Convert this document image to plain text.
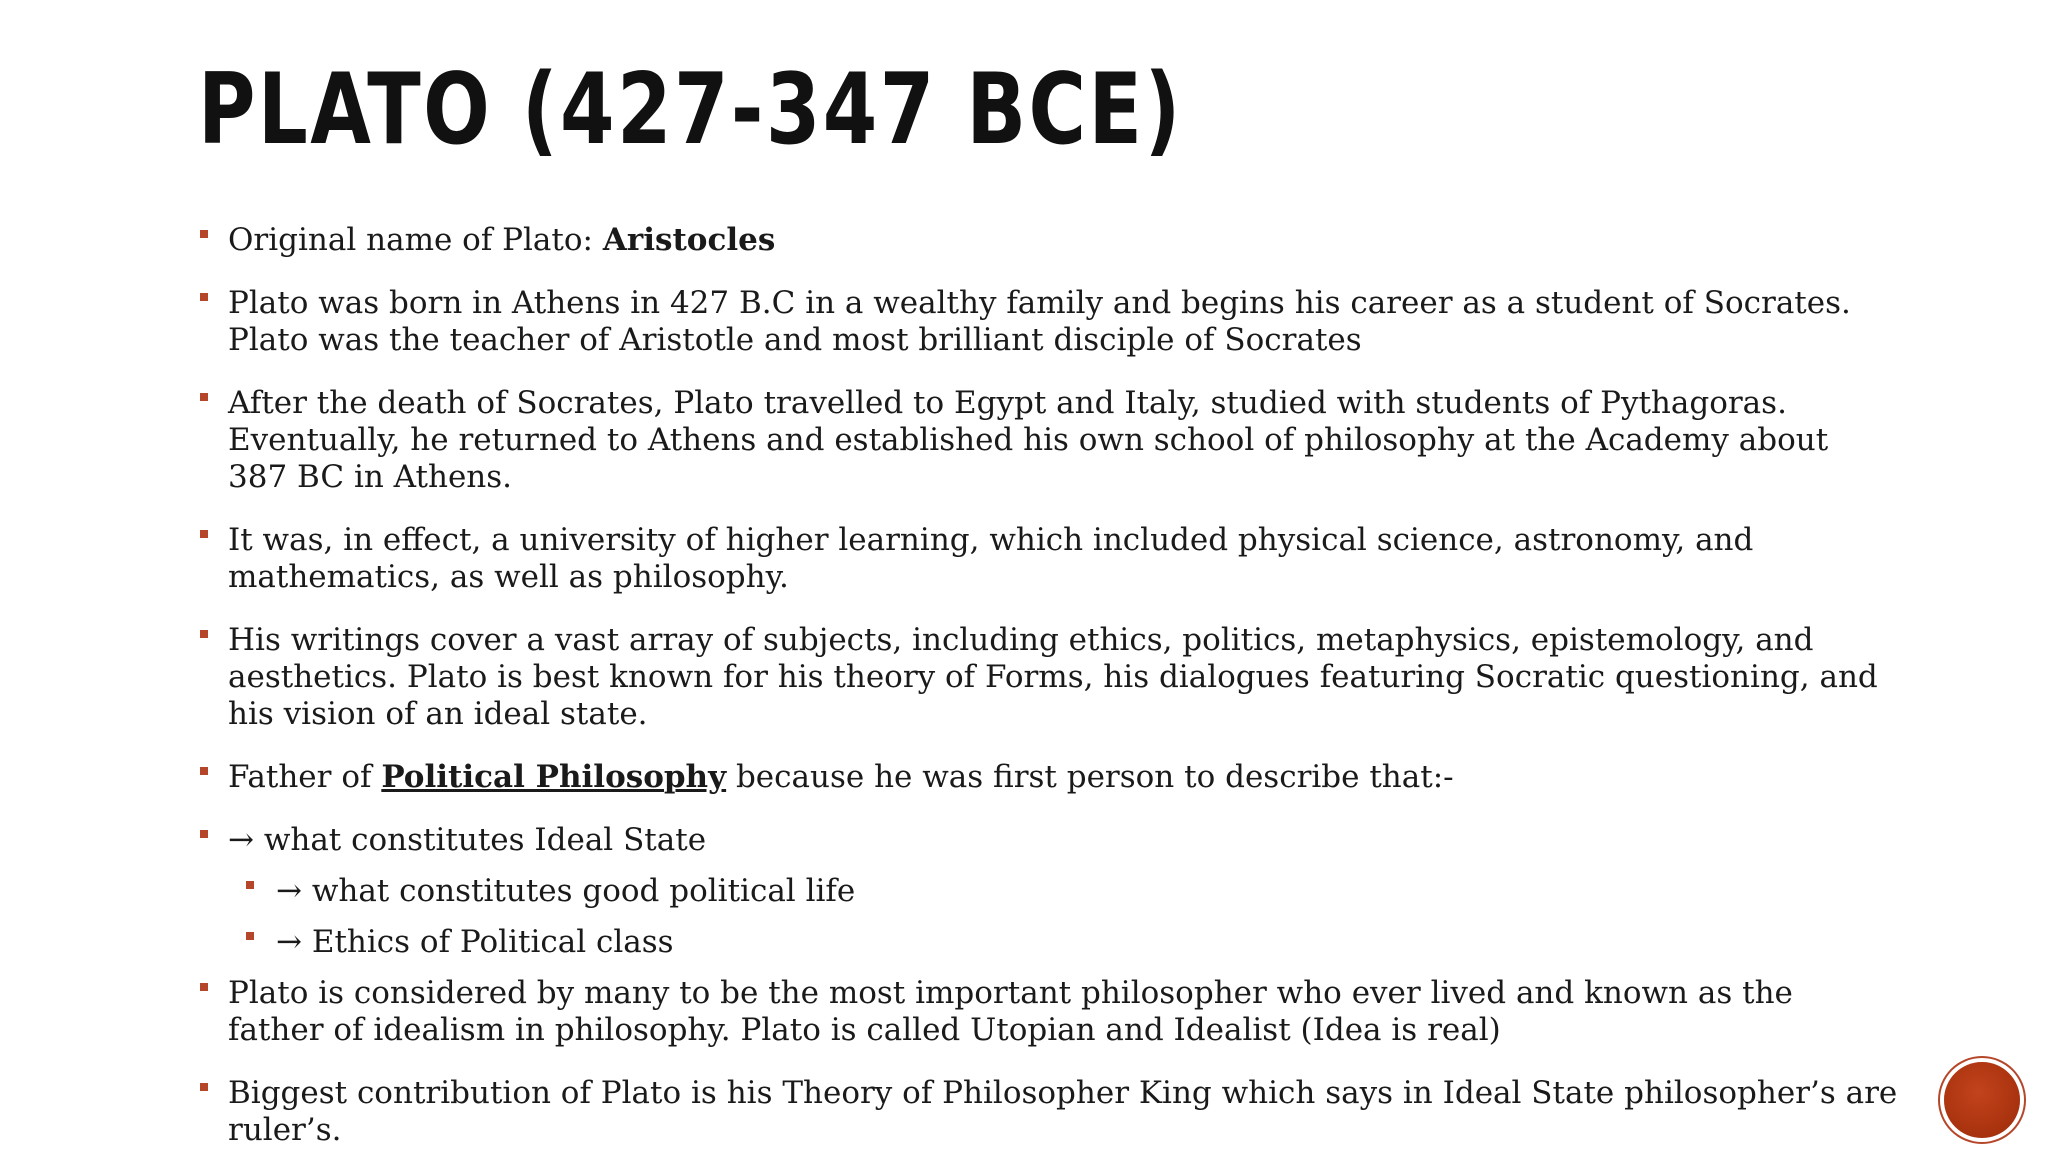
PLATO (427-347 BCE)
Original name of Plato: Aristocles
Plato was born in Athens in 427 B.C in a wealthy family and begins his career as a student of Socrates.
Plato was the teacher of Aristotle and most brilliant disciple of Socrates
After the death of Socrates, Plato travelled to Egypt and Italy, studied with students of Pythagoras.
Eventually, he returned to Athens and established his own school of philosophy at the Academy about
387 BC in Athens.
It was, in effect, a university of higher learning, which included physical science, astronomy, and
mathematics, as well as philosophy.
His writings cover a vast array of subjects, including ethics, politics, metaphysics, epistemology, and
aesthetics. Plato is best known for his theory of Forms, his dialogues featuring Socratic questioning, and
his vision of an ideal state.
Father of Political Philosophy because he was first person to describe that:-
→ what constitutes Ideal State
→ what constitutes good political life
→ Ethics of Political class
Plato is considered by many to be the most important philosopher who ever lived and known as the
father of idealism in philosophy. Plato is called Utopian and Idealist (Idea is real)
Biggest contribution of Plato is his Theory of Philosopher King which says in Ideal State philosopher’s are
ruler’s.
